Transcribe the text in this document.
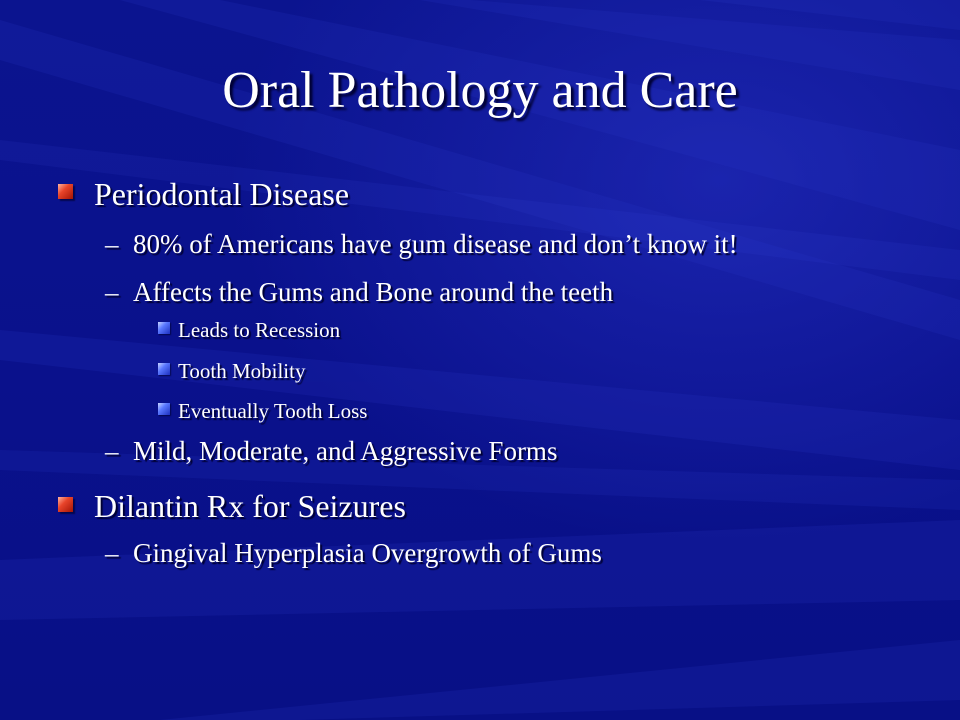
Oral Pathology and Care
Periodontal Disease
– 80% of Americans have gum disease and don’t know it!
– Affects the Gums and Bone around the teeth
Leads to Recession
Tooth Mobility
Eventually Tooth Loss
– Mild, Moderate, and Aggressive Forms
Dilantin Rx for Seizures
– Gingival Hyperplasia Overgrowth of Gums
